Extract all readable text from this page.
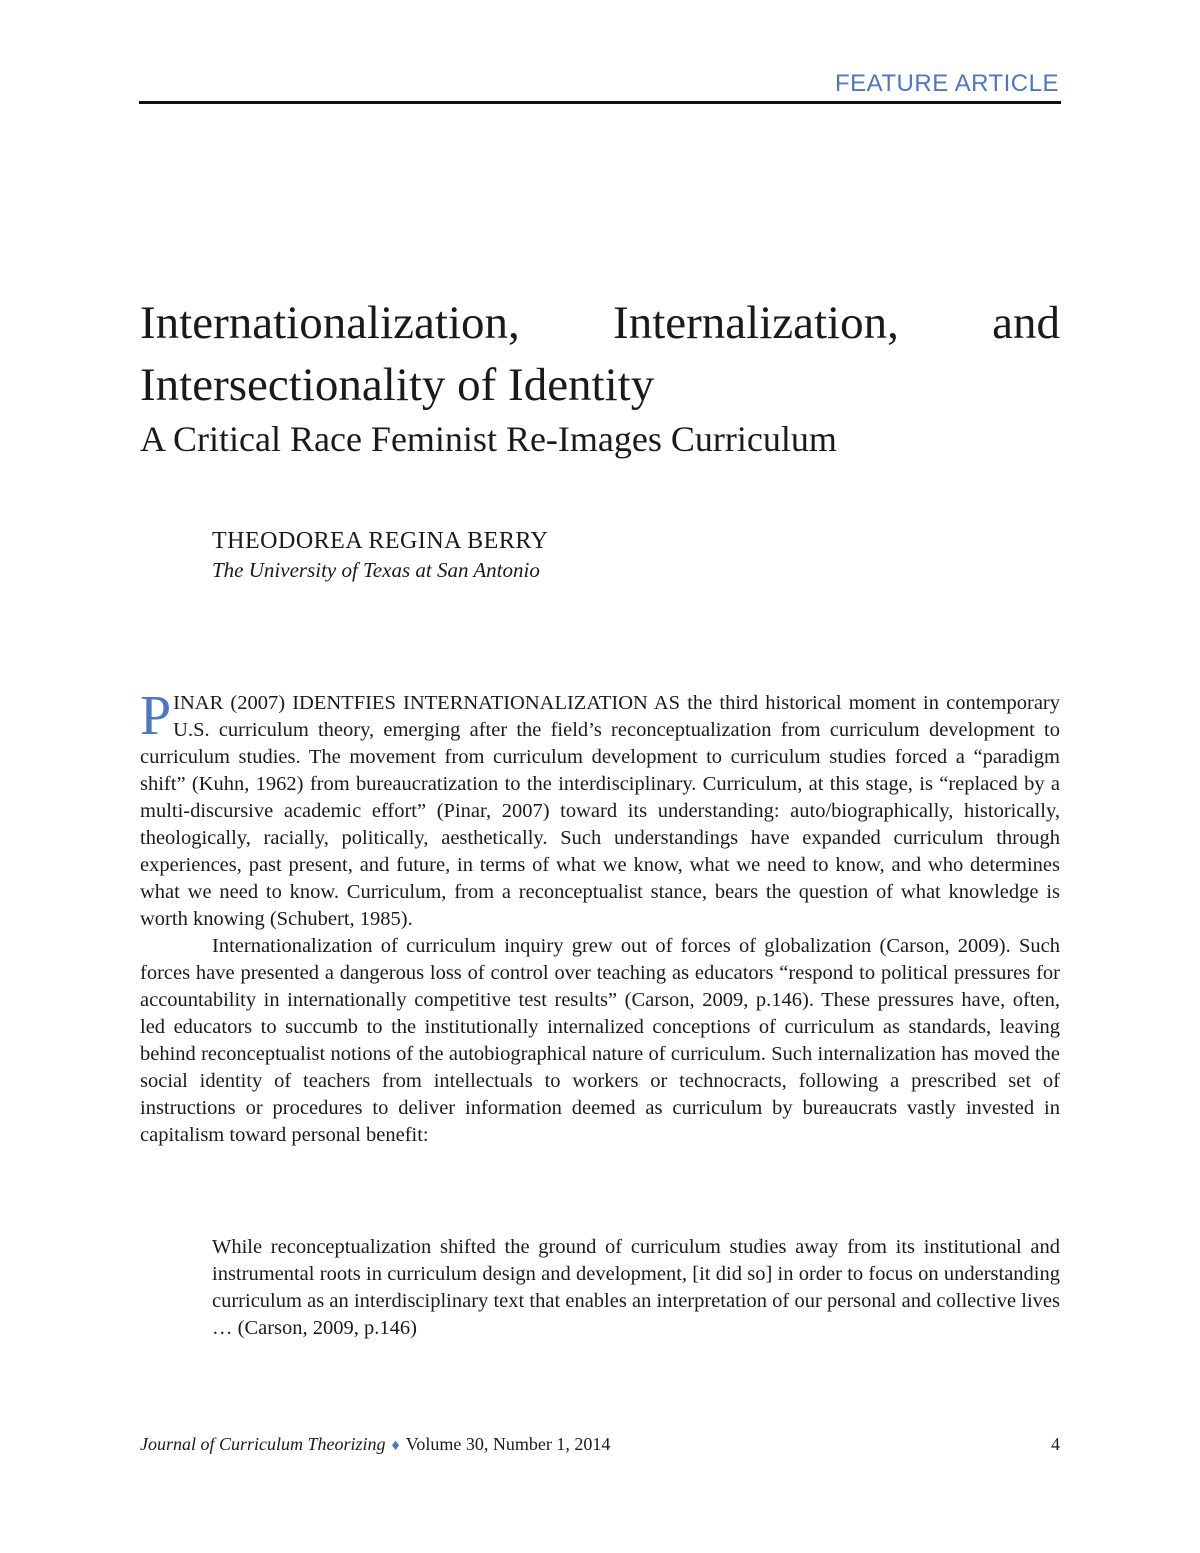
FEATURE ARTICLE
Internationalization, Internalization, and Intersectionality of Identity
A Critical Race Feminist Re-Images Curriculum
THEODOREA REGINA BERRY
The University of Texas at San Antonio

PINAR (2007) IDENTFIES INTERNATIONALIZATION AS the third historical moment in contemporary U.S. curriculum theory, emerging after the field’s reconceptualization from curriculum development to curriculum studies. The movement from curriculum development to curriculum studies forced a “paradigm shift” (Kuhn, 1962) from bureaucratization to the interdisciplinary. Curriculum, at this stage, is “replaced by a multi-discursive academic effort” (Pinar, 2007) toward its understanding: auto/biographically, historically, theologically, racially, politically, aesthetically. Such understandings have expanded curriculum through experiences, past present, and future, in terms of what we know, what we need to know, and who determines what we need to know. Curriculum, from a reconceptualist stance, bears the question of what knowledge is worth knowing (Schubert, 1985).

Internationalization of curriculum inquiry grew out of forces of globalization (Carson, 2009). Such forces have presented a dangerous loss of control over teaching as educators “respond to political pressures for accountability in internationally competitive test results” (Carson, 2009, p.146). These pressures have, often, led educators to succumb to the institutionally internalized conceptions of curriculum as standards, leaving behind reconceptualist notions of the autobiographical nature of curriculum. Such internalization has moved the social identity of teachers from intellectuals to workers or technocracts, following a prescribed set of instructions or procedures to deliver information deemed as curriculum by bureaucrats vastly invested in capitalism toward personal benefit:

While reconceptualization shifted the ground of curriculum studies away from its institutional and instrumental roots in curriculum design and development, [it did so] in order to focus on understanding curriculum as an interdisciplinary text that enables an interpretation of our personal and collective lives … (Carson, 2009, p.146)
Journal of Curriculum Theorizing ♦ Volume 30, Number 1, 2014	4
